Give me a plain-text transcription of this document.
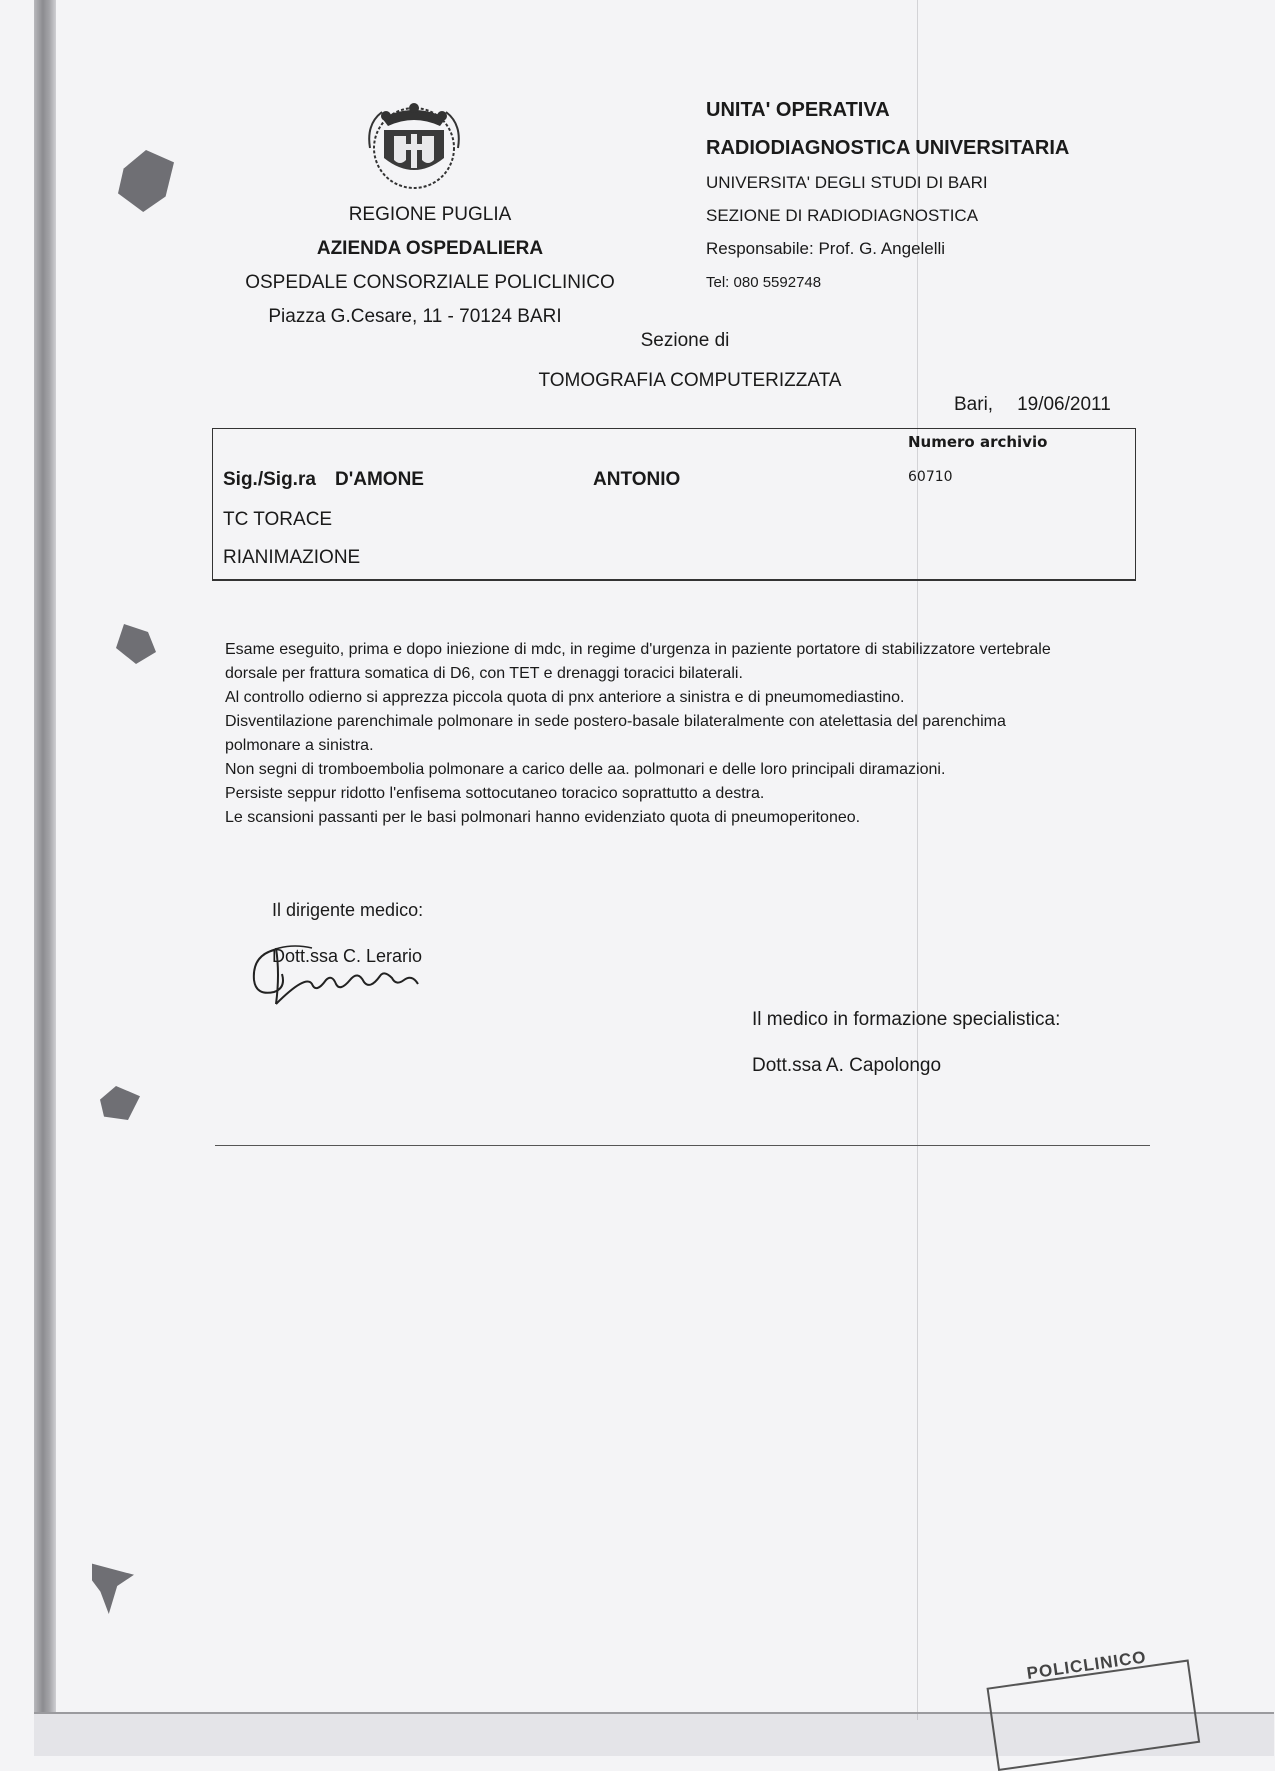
REGIONE PUGLIA
AZIENDA OSPEDALIERA
OSPEDALE CONSORZIALE POLICLINICO
Piazza G.Cesare, 11 - 70124 BARI
UNITA' OPERATIVA
RADIODIAGNOSTICA UNIVERSITARIA
UNIVERSITA' DEGLI STUDI DI BARI
SEZIONE DI RADIODIAGNOSTICA
Responsabile: Prof. G. Angelelli
Tel: 080 5592748
Sezione di
TOMOGRAFIA COMPUTERIZZATA
Bari, 19/06/2011
Numero archivio
60710
Sig./Sig.ra D'AMONE	ANTONIO
TC TORACE
RIANIMAZIONE

Esame eseguito, prima e dopo iniezione di mdc, in regime d'urgenza in paziente portatore di stabilizzatore vertebrale

dorsale per frattura somatica di D6, con TET e drenaggi toracici bilaterali.

Al controllo odierno si apprezza piccola quota di pnx anteriore a sinistra e di pneumomediastino.

Disventilazione parenchimale polmonare in sede postero-basale bilateralmente con atelettasia del parenchima

polmonare a sinistra.

Non segni di tromboembolia polmonare a carico delle aa. polmonari e delle loro principali diramazioni.

Persiste seppur ridotto l'enfisema sottocutaneo toracico soprattutto a destra.

Le scansioni passanti per le basi polmonari hanno evidenziato quota di pneumoperitoneo.

Il dirigente medico:
Dott.ssa C. Lerario
Il medico in formazione specialistica:
Dott.ssa A. Capolongo
POLICLINICO
